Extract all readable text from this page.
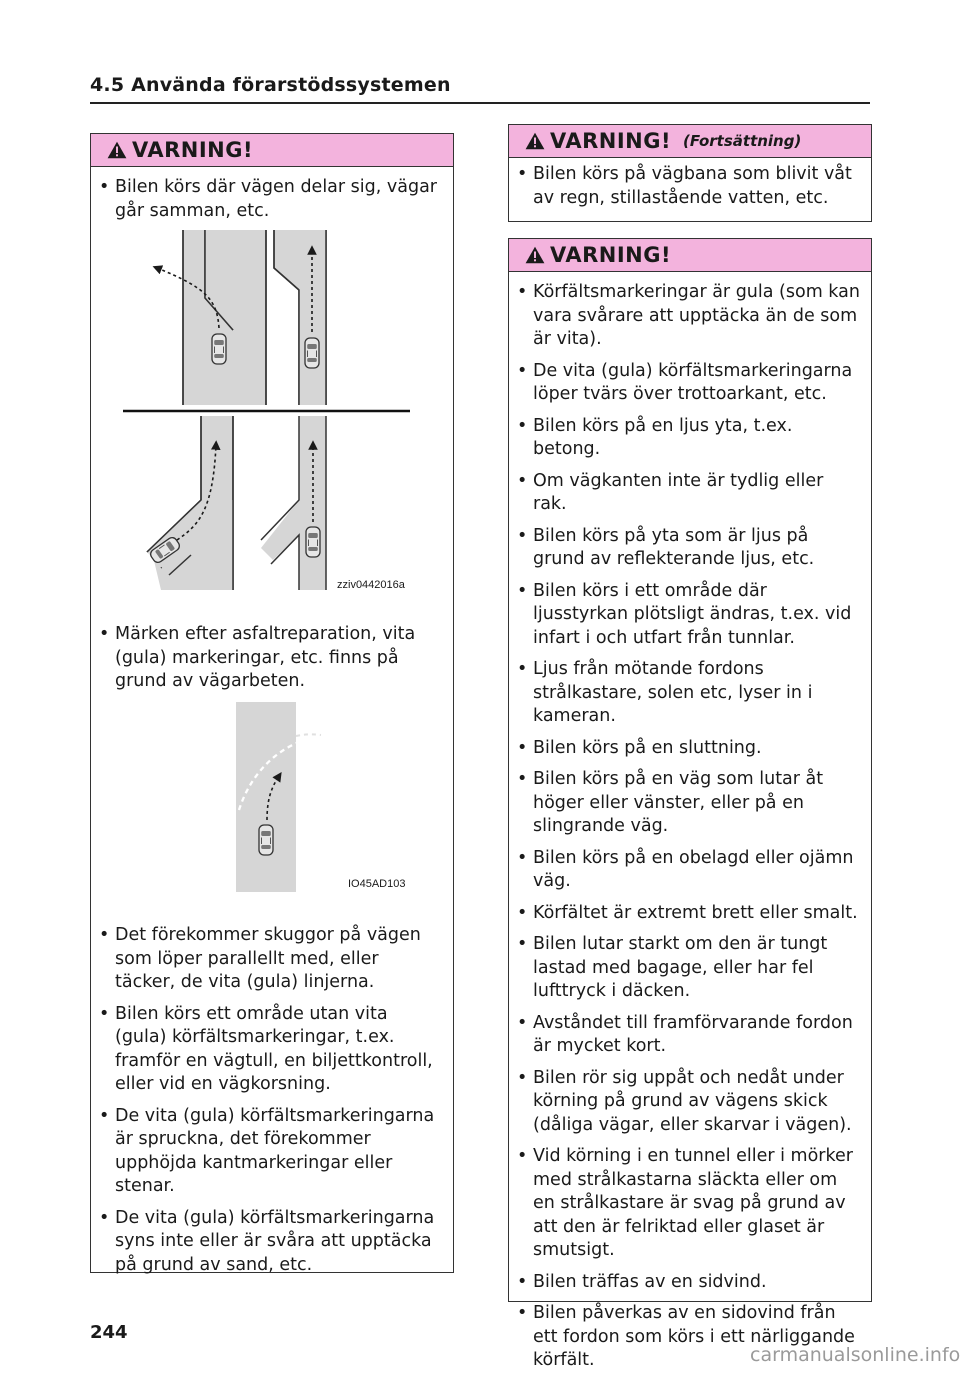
4.5 Använda förarstödssystemen
VARNING!
• Bilen körs där vägen delar sig, vägar går samman, etc.
zziv0442016a
• Märken efter asfaltreparation, vita (gula) markeringar, etc. finns på grund av vägarbeten.
IO45AD103
• Det förekommer skuggor på vägen som löper parallellt med, eller täcker, de vita (gula) linjerna.
• Bilen körs ett område utan vita (gula) körfältsmarkeringar, t.ex. framför en vägtull, en biljettkontroll, eller vid en vägkorsning.
• De vita (gula) körfältsmarkeringarna är spruckna, det förekommer upphöjda kantmarkeringar eller stenar.
• De vita (gula) körfältsmarkeringarna syns inte eller är svåra att upptäcka på grund av sand, etc.
VARNING! (Fortsättning)
• Bilen körs på vägbana som blivit våt av regn, stillastående vatten, etc.
VARNING!
• Körfältsmarkeringar är gula (som kan vara svårare att upptäcka än de som är vita).
• De vita (gula) körfältsmarkeringarna löper tvärs över trottoarkant, etc.
• Bilen körs på en ljus yta, t.ex. betong.
• Om vägkanten inte är tydlig eller rak.
• Bilen körs på yta som är ljus på grund av reflekterande ljus, etc.
• Bilen körs i ett område där ljusstyrkan plötsligt ändras, t.ex. vid infart i och utfart från tunnlar.
• Ljus från mötande fordons strålkastare, solen etc, lyser in i kameran.
• Bilen körs på en sluttning.
• Bilen körs på en väg som lutar åt höger eller vänster, eller på en slingrande väg.
• Bilen körs på en obelagd eller ojämn väg.
• Körfältet är extremt brett eller smalt.
• Bilen lutar starkt om den är tungt lastad med bagage, eller har fel lufttryck i däcken.
• Avståndet till framförvarande fordon är mycket kort.
• Bilen rör sig uppåt och nedåt under körning på grund av vägens skick (dåliga vägar, eller skarvar i vägen).
• Vid körning i en tunnel eller i mörker med strålkastarna släckta eller om en strålkastare är svag på grund av att den är felriktad eller glaset är smutsigt.
• Bilen träffas av en sidvind.
• Bilen påverkas av en sidovind från ett fordon som körs i ett närliggande körfält.
244
carmanualsonline.info
